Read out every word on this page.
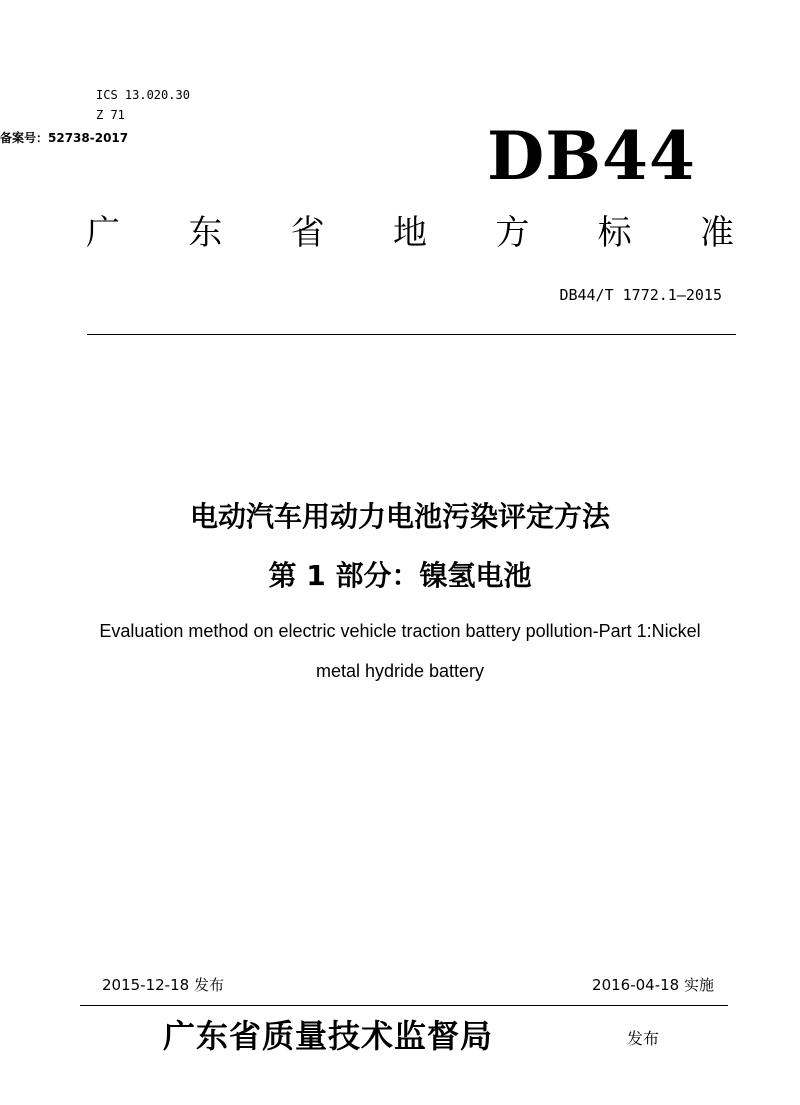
ICS 13.020.30
Z 71
备案号：52738-2017	DB44
广 东 省 地 方 标 准
DB44/T 1772.1—2015
电动汽车用动力电池污染评定方法
第 1 部分：镍氢电池
Evaluation method on electric vehicle traction battery pollution-Part 1:Nickel
metal hydride battery
2015-12-18 发布	2016-04-18 实施
广东省质量技术监督局	发布
